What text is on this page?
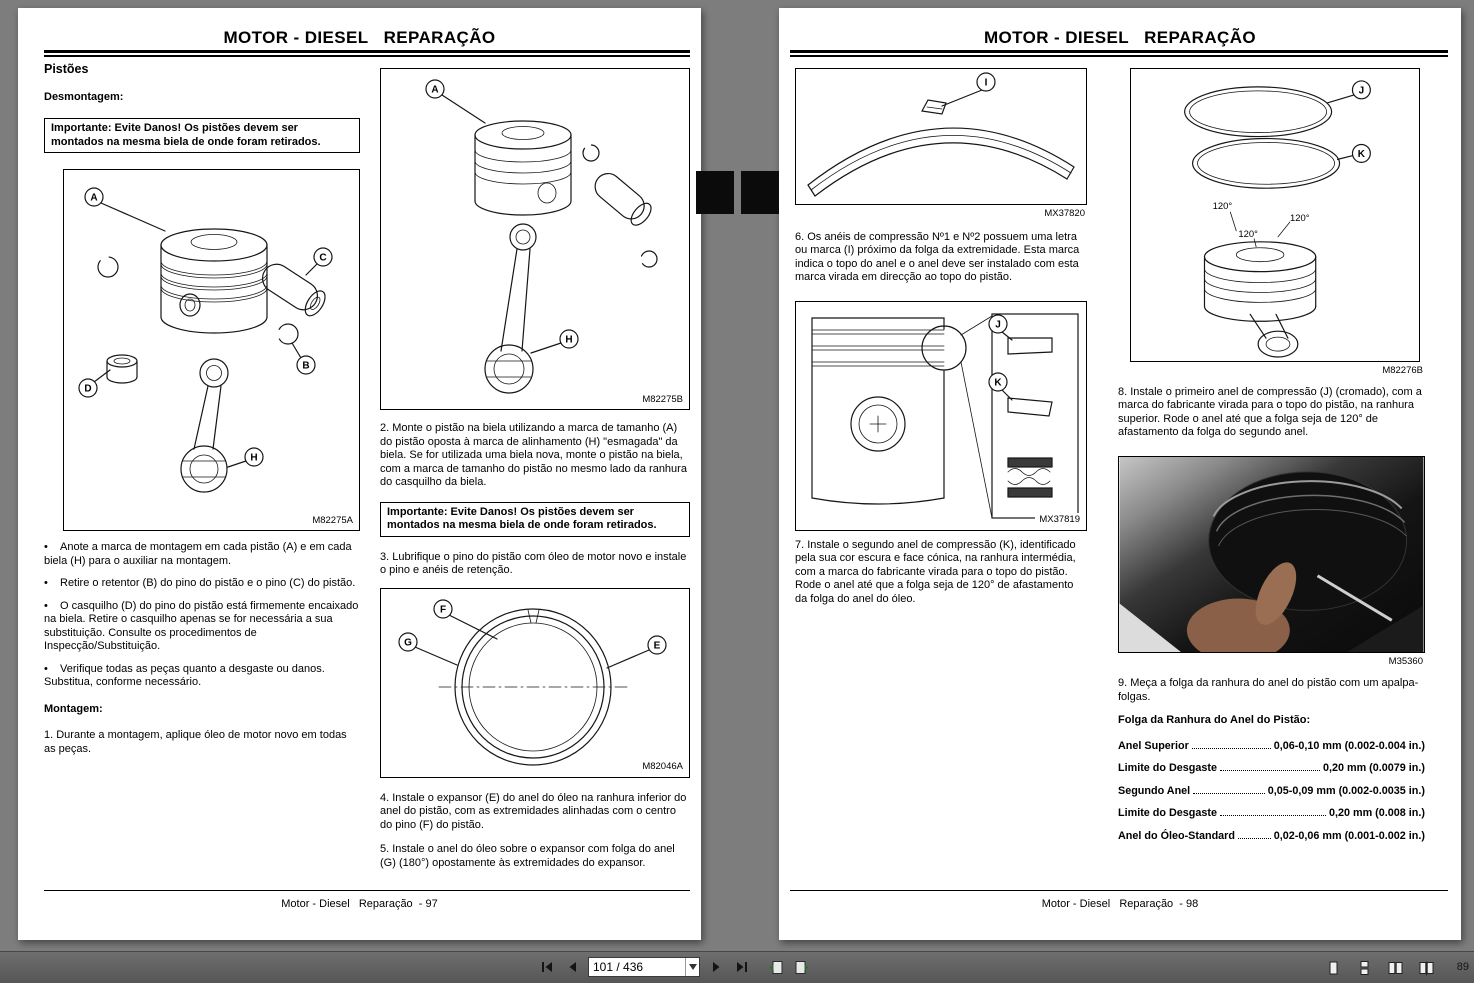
MOTOR - DIESEL   REPARAÇÃO
Pistões
Desmontagem:
Importante: Evite Danos! Os pistões devem ser montados na mesma biela de onde foram retirados.
A
C
B
D
H
M82275A

• Anote a marca de montagem em cada pistão (A) e em cada biela (H) para o auxiliar na montagem.

• Retire o retentor (B) do pino do pistão e o pino (C) do pistão.

• O casquilho (D) do pino do pistão está firmemente encaixado na biela. Retire o casquilho apenas se for necessária a sua substituição. Consulte os procedimentos de Inspecção/Substituição.

• Verifique todas as peças quanto a desgaste ou danos. Substitua, conforme necessário.

Montagem:

1. Durante a montagem, aplique óleo de motor novo em todas as peças.

A
H
M82275B

2. Monte o pistão na biela utilizando a marca de tamanho (A) do pistão oposta à marca de alinhamento (H) "esmagada" da biela. Se for utilizada uma biela nova, monte o pistão na biela, com a marca de tamanho do pistão no mesmo lado da ranhura do casquilho da biela.

Importante: Evite Danos! Os pistões devem ser montados na mesma biela de onde foram retirados.

3. Lubrifique o pino do pistão com óleo de motor novo e instale o pino e anéis de retenção.

F
G	E
M82046A

4. Instale o expansor (E) do anel do óleo na ranhura inferior do anel do pistão, com as extremidades alinhadas com o centro do pino (F) do pistão.

5. Instale o anel do óleo sobre o expansor com folga do anel (G) (180°) opostamente às extremidades do expansor.

Motor - Diesel   Reparação  - 97
MOTOR - DIESEL   REPARAÇÃO
I
MX37820

6. Os anéis de compressão Nº1 e Nº2 possuem uma letra ou marca (I) próximo da folga da extremidade. Esta marca indica o topo do anel e o anel deve ser instalado com esta marca virada em direcção ao topo do pistão.

J
K
MX37819

7. Instale o segundo anel de compressão (K), identificado pela sua cor escura e face cónica, na ranhura intermédia, com a marca do fabricante virada para o topo do pistão. Rode o anel até que a folga seja de 120° de afastamento da folga do anel do óleo.

120°
120°
120°
J
K
M82276B

8. Instale o primeiro anel de compressão (J) (cromado), com a marca do fabricante virada para o topo do pistão, na ranhura superior. Rode o anel até que a folga seja de 120° de afastamento da folga do segundo anel.

M35360

9. Meça a folga da ranhura do anel do pistão com um apalpa-folgas.

Folga da Ranhura do Anel do Pistão:
Anel Superior	0,06-0,10 mm (0.002-0.004 in.)
Limite do Desgaste	0,20 mm (0.0079 in.)
Segundo Anel	0,05-0,09 mm (0.002-0.0035 in.)
Limite do Desgaste	0,20 mm (0.008 in.)
Anel do Óleo-Standard	0,02-0,06 mm (0.001-0.002 in.)
Motor - Diesel   Reparação  - 98
101 / 436
89
